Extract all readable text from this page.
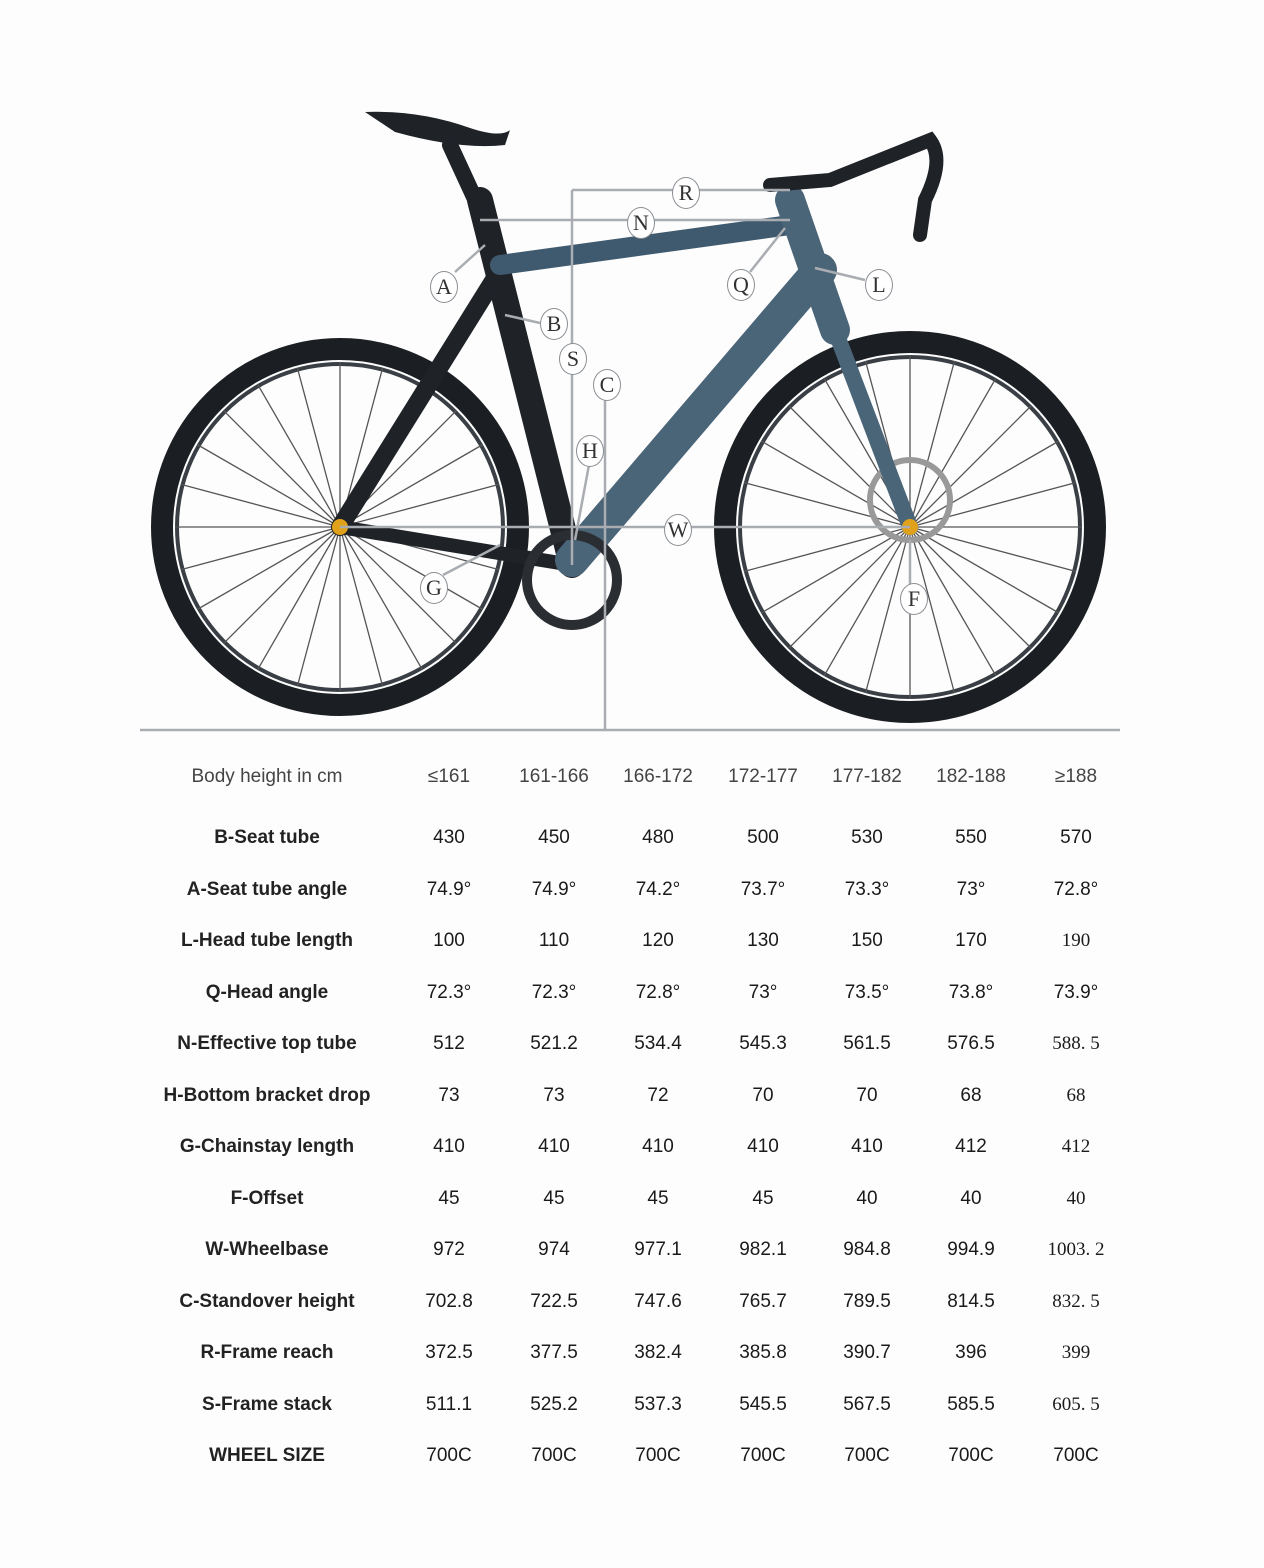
R
N
A	Q	L
B
S
C
H
W
G	F
Body height in cm	≤161	161-166	166-172	172-177	177-182	182-188	≥188
B-Seat tube	430	450	480	500	530	550	570
A-Seat tube angle	74.9°	74.9°	74.2°	73.7°	73.3°	73°	72.8°
L-Head tube length	100	110	120	130	150	170	190
Q-Head angle	72.3°	72.3°	72.8°	73°	73.5°	73.8°	73.9°
N-Effective top tube	512	521.2	534.4	545.3	561.5	576.5	588. 5
H-Bottom bracket drop	73	73	72	70	70	68	68
G-Chainstay length	410	410	410	410	410	412	412
F-Offset	45	45	45	45	40	40	40
W-Wheelbase	972	974	977.1	982.1	984.8	994.9	1003. 2
C-Standover height	702.8	722.5	747.6	765.7	789.5	814.5	832. 5
R-Frame reach	372.5	377.5	382.4	385.8	390.7	396	399
S-Frame stack	511.1	525.2	537.3	545.5	567.5	585.5	605. 5
WHEEL SIZE	700C	700C	700C	700C	700C	700C	700C
